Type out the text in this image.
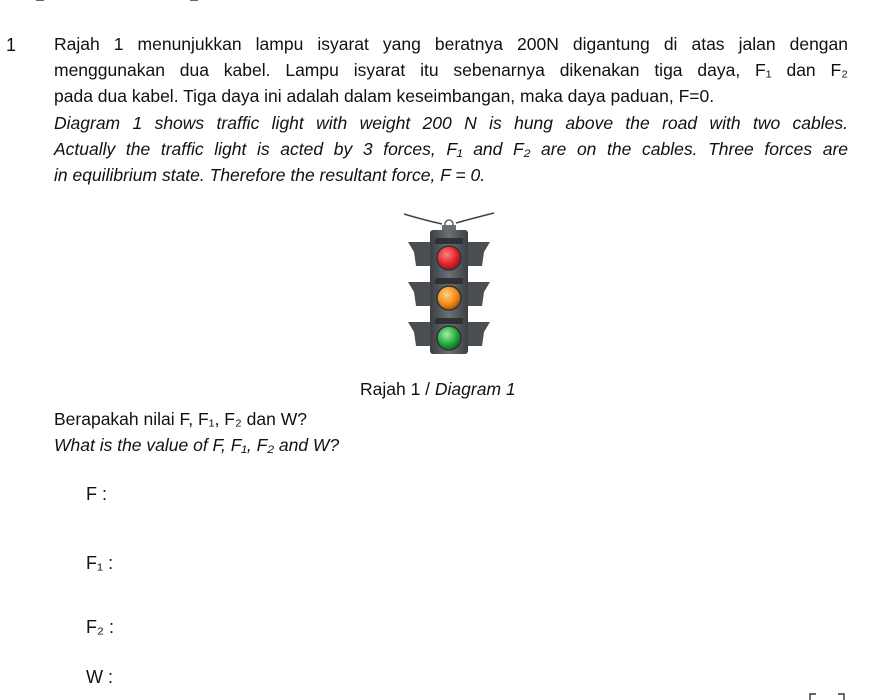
1 Rajah 1 menunjukkan lampu isyarat yang beratnya 200N digantung di atas jalan dengan
menggunakan dua kabel. Lampu isyarat itu sebenarnya dikenakan tiga daya, F₁ dan F₂
pada dua kabel. Tiga daya ini adalah dalam keseimbangan, maka daya paduan, F=0.
Diagram 1 shows traffic light with weight 200 N is hung above the road with two cables.
Actually the traffic light is acted by 3 forces, F₁ and F₂ are on the cables. Three forces are
in equilibrium state. Therefore the resultant force, F = 0.
Rajah 1 / Diagram 1
Berapakah nilai F, F₁, F₂ dan W?
What is the value of F, F₁, F₂ and W?
F :
F₁ :
F₂ :
W :
